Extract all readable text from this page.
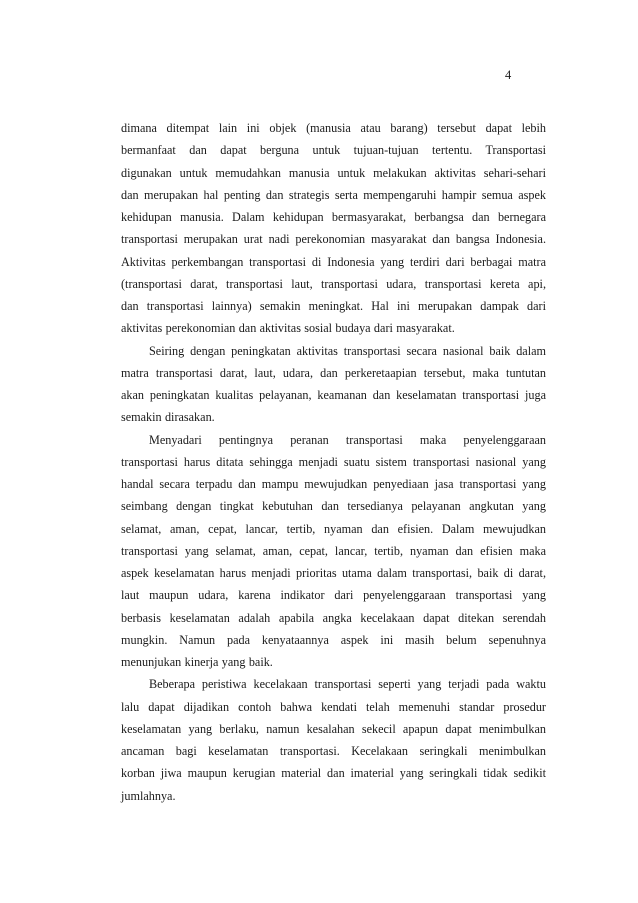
4
dimana ditempat lain ini objek (manusia atau barang) tersebut dapat lebih
bermanfaat dan dapat berguna untuk tujuan-tujuan tertentu. Transportasi
digunakan untuk memudahkan manusia untuk melakukan aktivitas sehari-sehari
dan merupakan hal penting dan strategis serta mempengaruhi hampir semua aspek
kehidupan manusia. Dalam kehidupan bermasyarakat, berbangsa dan bernegara
transportasi merupakan urat nadi perekonomian masyarakat dan bangsa Indonesia.
Aktivitas perkembangan transportasi di Indonesia yang terdiri dari berbagai matra
(transportasi darat, transportasi laut, transportasi udara, transportasi kereta api,
dan transportasi lainnya) semakin meningkat. Hal ini merupakan dampak dari
aktivitas perekonomian dan aktivitas sosial budaya dari masyarakat.
Seiring dengan peningkatan aktivitas transportasi secara nasional baik dalam
matra transportasi darat, laut, udara, dan perkeretaapian tersebut, maka tuntutan
akan peningkatan kualitas pelayanan, keamanan dan keselamatan transportasi juga
semakin dirasakan.
Menyadari pentingnya peranan transportasi maka penyelenggaraan
transportasi harus ditata sehingga menjadi suatu sistem transportasi nasional yang
handal secara terpadu dan mampu mewujudkan penyediaan jasa transportasi yang
seimbang dengan tingkat kebutuhan dan tersedianya pelayanan angkutan yang
selamat, aman, cepat, lancar, tertib, nyaman dan efisien. Dalam mewujudkan
transportasi yang selamat, aman, cepat, lancar, tertib, nyaman dan efisien maka
aspek keselamatan harus menjadi prioritas utama dalam transportasi, baik di darat,
laut maupun udara, karena indikator dari penyelenggaraan transportasi yang
berbasis keselamatan adalah apabila angka kecelakaan dapat ditekan serendah
mungkin. Namun pada kenyataannya aspek ini masih belum sepenuhnya
menunjukan kinerja yang baik.
Beberapa peristiwa kecelakaan transportasi seperti yang terjadi pada waktu
lalu dapat dijadikan contoh bahwa kendati telah memenuhi standar prosedur
keselamatan yang berlaku, namun kesalahan sekecil apapun dapat menimbulkan
ancaman bagi keselamatan transportasi. Kecelakaan seringkali menimbulkan
korban jiwa maupun kerugian material dan imaterial yang seringkali tidak sedikit
jumlahnya.
